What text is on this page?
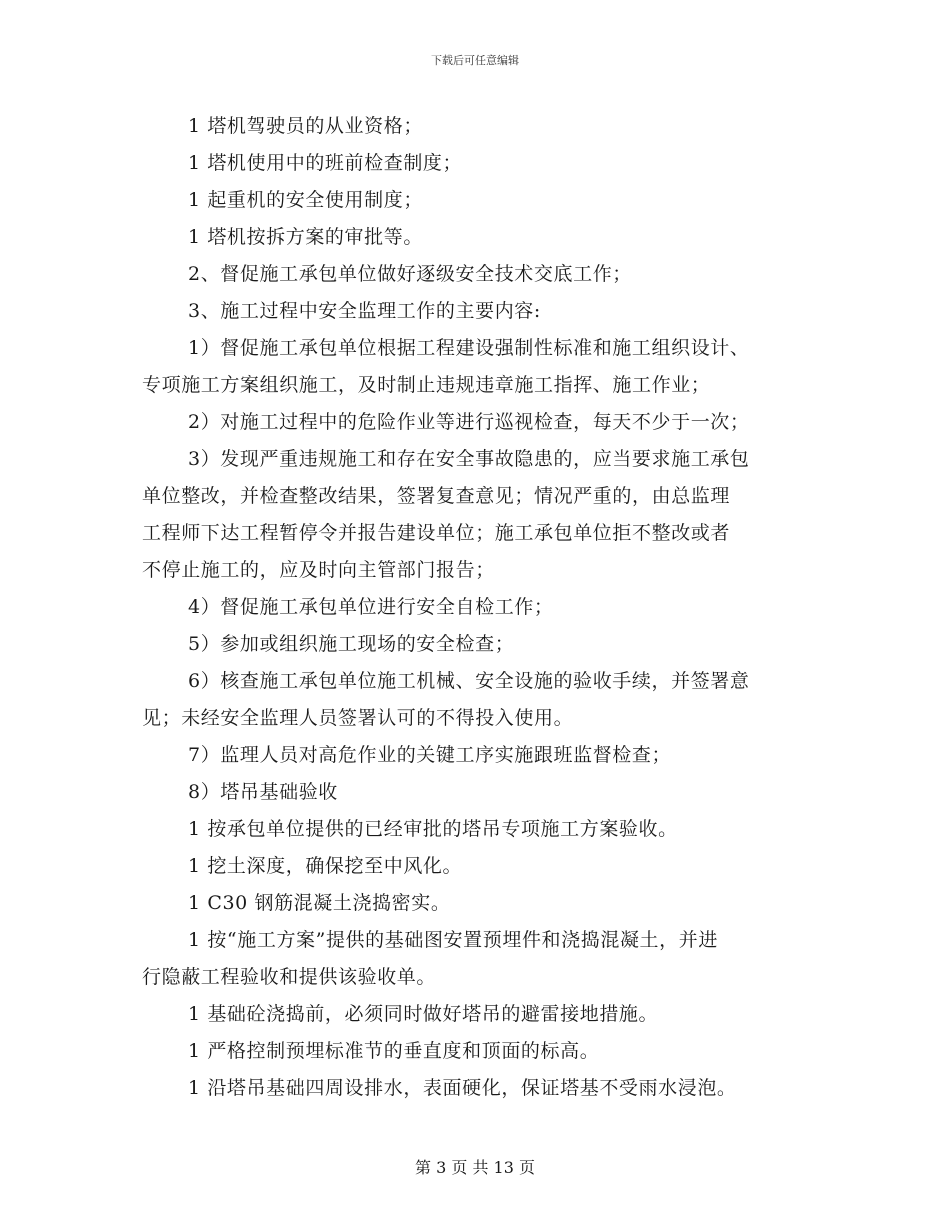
下载后可任意编辑
1 塔机驾驶员的从业资格；
1 塔机使用中的班前检查制度；
1 起重机的安全使用制度；
1 塔机按拆方案的审批等。
2、督促施工承包单位做好逐级安全技术交底工作；
3、施工过程中安全监理工作的主要内容:
1）督促施工承包单位根据工程建设强制性标准和施工组织设计、
专项施工方案组织施工，及时制止违规违章施工指挥、施工作业；
2）对施工过程中的危险作业等进行巡视检查，每天不少于一次；
3）发现严重违规施工和存在安全事故隐患的，应当要求施工承包
单位整改，并检查整改结果，签署复查意见；情况严重的，由总监理
工程师下达工程暂停令并报告建设单位；施工承包单位拒不整改或者
不停止施工的，应及时向主管部门报告；
4）督促施工承包单位进行安全自检工作；
5）参加或组织施工现场的安全检查；
6）核查施工承包单位施工机械、安全设施的验收手续，并签署意
见；未经安全监理人员签署认可的不得投入使用。
7）监理人员对高危作业的关键工序实施跟班监督检查；
8）塔吊基础验收
1 按承包单位提供的已经审批的塔吊专项施工方案验收。
1 挖土深度，确保挖至中风化。
1 C30 钢筋混凝土浇捣密实。
1 按“施工方案”提供的基础图安置预埋件和浇捣混凝土，并进
行隐蔽工程验收和提供该验收单。
1 基础砼浇捣前，必须同时做好塔吊的避雷接地措施。
1 严格控制预埋标准节的垂直度和顶面的标高。
1 沿塔吊基础四周设排水，表面硬化，保证塔基不受雨水浸泡。
第 3 页 共 13 页
